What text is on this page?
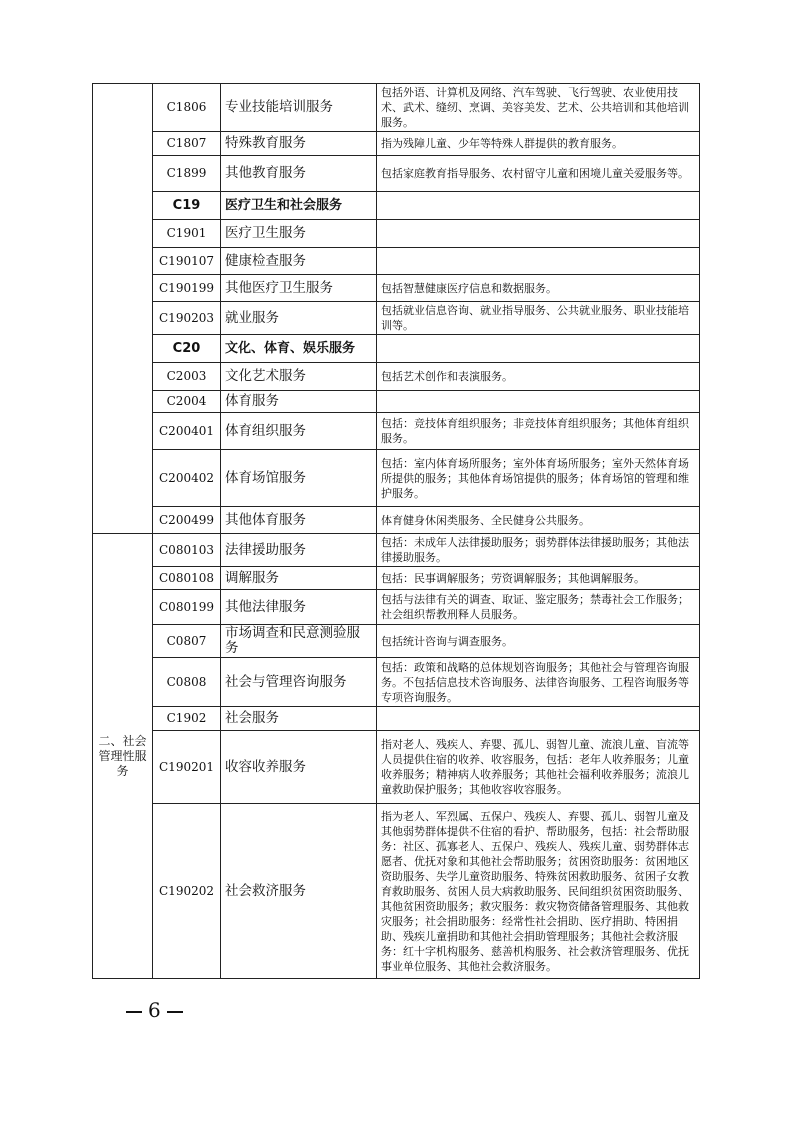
	C1806	专业技能培训服务	包括外语、计算机及网络、汽车驾驶、飞行驾驶、农业使用技术、武术、缝纫、烹调、美容美发、艺术、公共培训和其他培训服务。
	C1807	特殊教育服务	指为残障儿童、少年等特殊人群提供的教育服务。
	C1899	其他教育服务	包括家庭教育指导服务、农村留守儿童和困境儿童关爱服务等。
	C19	医疗卫生和社会服务	
	C1901	医疗卫生服务	
	C190107	健康检查服务	
	C190199	其他医疗卫生服务	包括智慧健康医疗信息和数据服务。
	C190203	就业服务	包括就业信息咨询、就业指导服务、公共就业服务、职业技能培训等。
	C20	文化、体育、娱乐服务	
	C2003	文化艺术服务	包括艺术创作和表演服务。
	C2004	体育服务	
	C200401	体育组织服务	包括：竞技体育组织服务；非竞技体育组织服务；其他体育组织服务。
	C200402	体育场馆服务	包括：室内体育场所服务；室外体育场所服务；室外天然体育场所提供的服务；其他体育场馆提供的服务；体育场馆的管理和维护服务。
	C200499	其他体育服务	体育健身休闲类服务、全民健身公共服务。
二、社会管理性服务	C080103	法律援助服务	包括：未成年人法律援助服务；弱势群体法律援助服务；其他法律援助服务。
	C080108	调解服务	包括：民事调解服务；劳资调解服务；其他调解服务。
	C080199	其他法律服务	包括与法律有关的调查、取证、鉴定服务；禁毒社会工作服务；社会组织帮教刑释人员服务。
	C0807	市场调查和民意测验服务	包括统计咨询与调查服务。
	C0808	社会与管理咨询服务	包括：政策和战略的总体规划咨询服务；其他社会与管理咨询服务。不包括信息技术咨询服务、法律咨询服务、工程咨询服务等专项咨询服务。
	C1902	社会服务	
	C190201	收容收养服务	指对老人、残疾人、弃婴、孤儿、弱智儿童、流浪儿童、盲流等人员提供住宿的收养、收容服务，包括：老年人收养服务；儿童收养服务；精神病人收养服务；其他社会福利收养服务；流浪儿童救助保护服务；其他收容收容服务。
	C190202	社会救济服务	指为老人、军烈属、五保户、残疾人、弃婴、孤儿、弱智儿童及其他弱势群体提供不住宿的看护、帮助服务，包括：社会帮助服务：社区、孤寡老人、五保户、残疾人、残疾儿童、弱势群体志愿者、优抚对象和其他社会帮助服务；贫困资助服务：贫困地区资助服务、失学儿童资助服务、特殊贫困救助服务、贫困子女教育救助服务、贫困人员大病救助服务、民间组织贫困资助服务、其他贫困资助服务；救灾服务：救灾物资储备管理服务、其他救灾服务；社会捐助服务：经常性社会捐助、医疗捐助、特困捐助、残疾儿童捐助和其他社会捐助管理服务；其他社会救济服务：红十字机构服务、慈善机构服务、社会救济管理服务、优抚事业单位服务、其他社会救济服务。
6
